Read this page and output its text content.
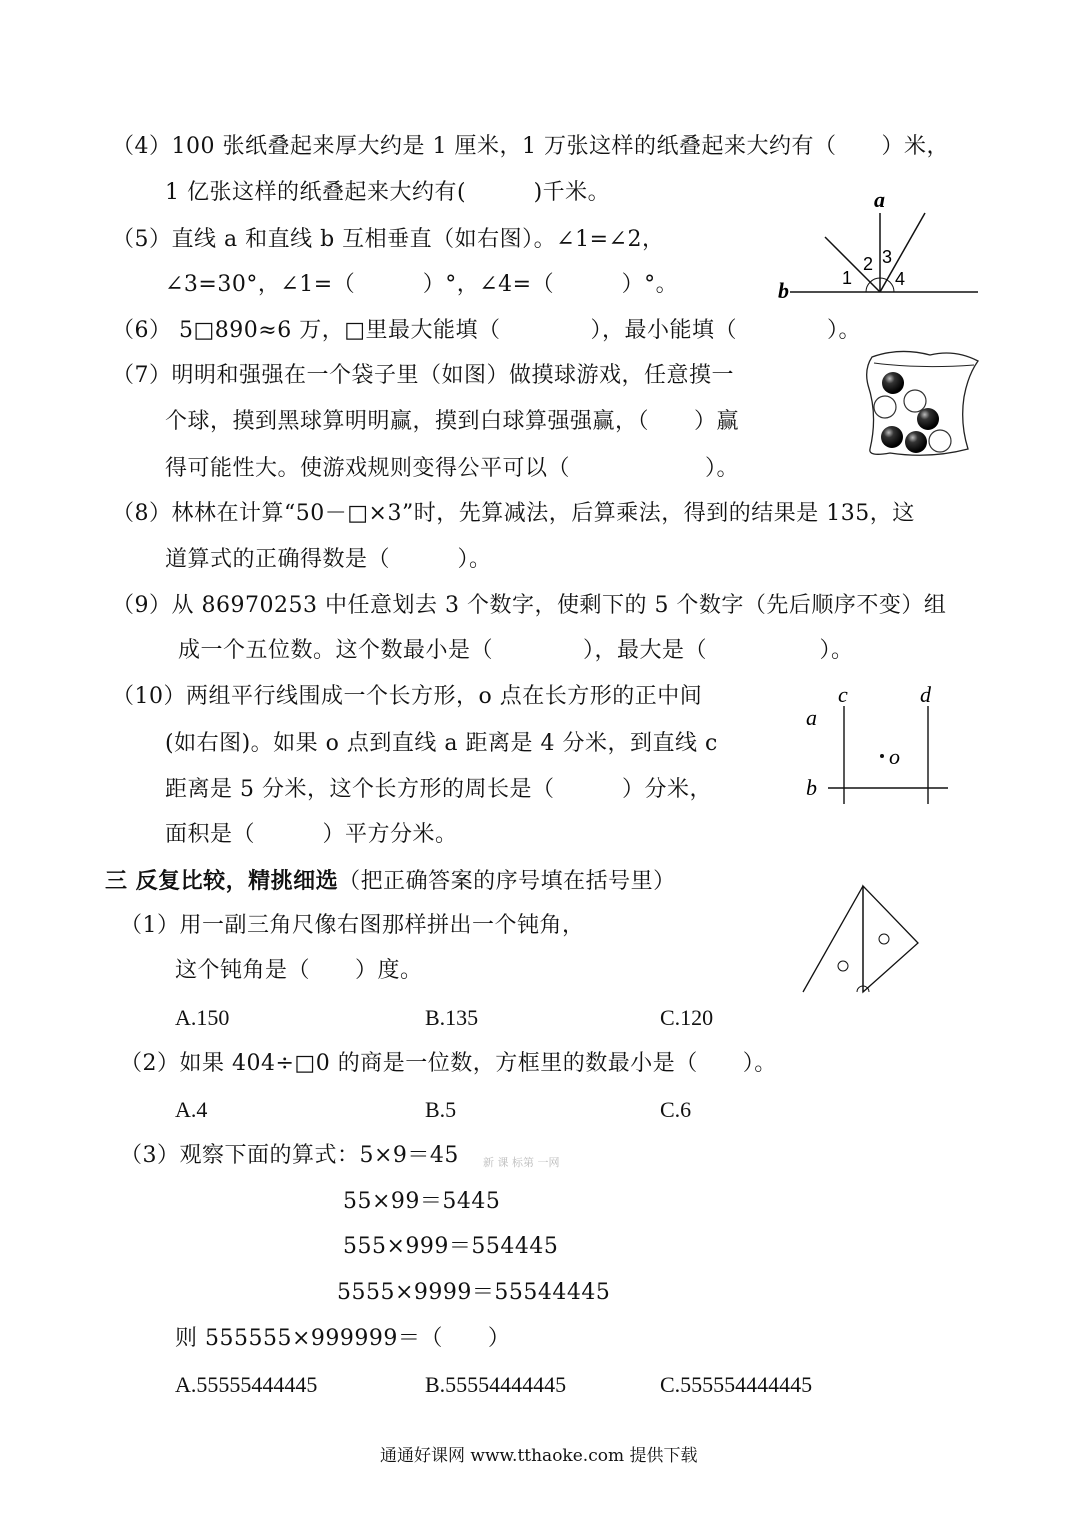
（4）100 张纸叠起来厚大约是 1 厘米，1 万张这样的纸叠起来大约有（　　）米，
1 亿张这样的纸叠起来大约有(　　　)千米。
（5）直线 a 和直线 b 互相垂直（如右图）。∠1=∠2，
∠3=30°，∠1=（　　　）°，∠4=（　　　）°。
a
b	1
2 3
4
（6） 5□890≈6 万，□里最大能填（　　　　），最小能填（　　　　）。
（7）明明和强强在一个袋子里（如图）做摸球游戏，任意摸一
个球，摸到黑球算明明赢，摸到白球算强强赢，（　　）赢
得可能性大。使游戏规则变得公平可以（　　　　　　）。
（8）林林在计算“50－□×3”时，先算减法，后算乘法，得到的结果是 135，这
道算式的正确得数是（　　　）。
（9）从 86970253 中任意划去 3 个数字，使剩下的 5 个数字（先后顺序不变）组
成一个五位数。这个数最小是（　　　　），最大是（　　　　　）。
（10）两组平行线围成一个长方形，o 点在长方形的正中间
(如右图)。如果 o 点到直线 a 距离是 4 分米，到直线 c
距离是 5 分米，这个长方形的周长是（　　　）分米，
面积是（　　　）平方分米。
c	d
a
b
o
三 反复比较，精挑细选（把正确答案的序号填在括号里）
（1）用一副三角尺像右图那样拼出一个钝角，
这个钝角是（　　）度。
A.150	B.135	C.120
（2）如果 404÷□0 的商是一位数，方框里的数最小是（　　）。
A.4	B.5	C.6
（3）观察下面的算式：5×9＝45 新 课 标第 一网
55×99＝5445
555×999＝554445
5555×9999＝55544445
则 555555×999999＝（　　）
A.55555444445	B.55554444445	C.555554444445
通通好课网 www.tthaoke.com 提供下载
